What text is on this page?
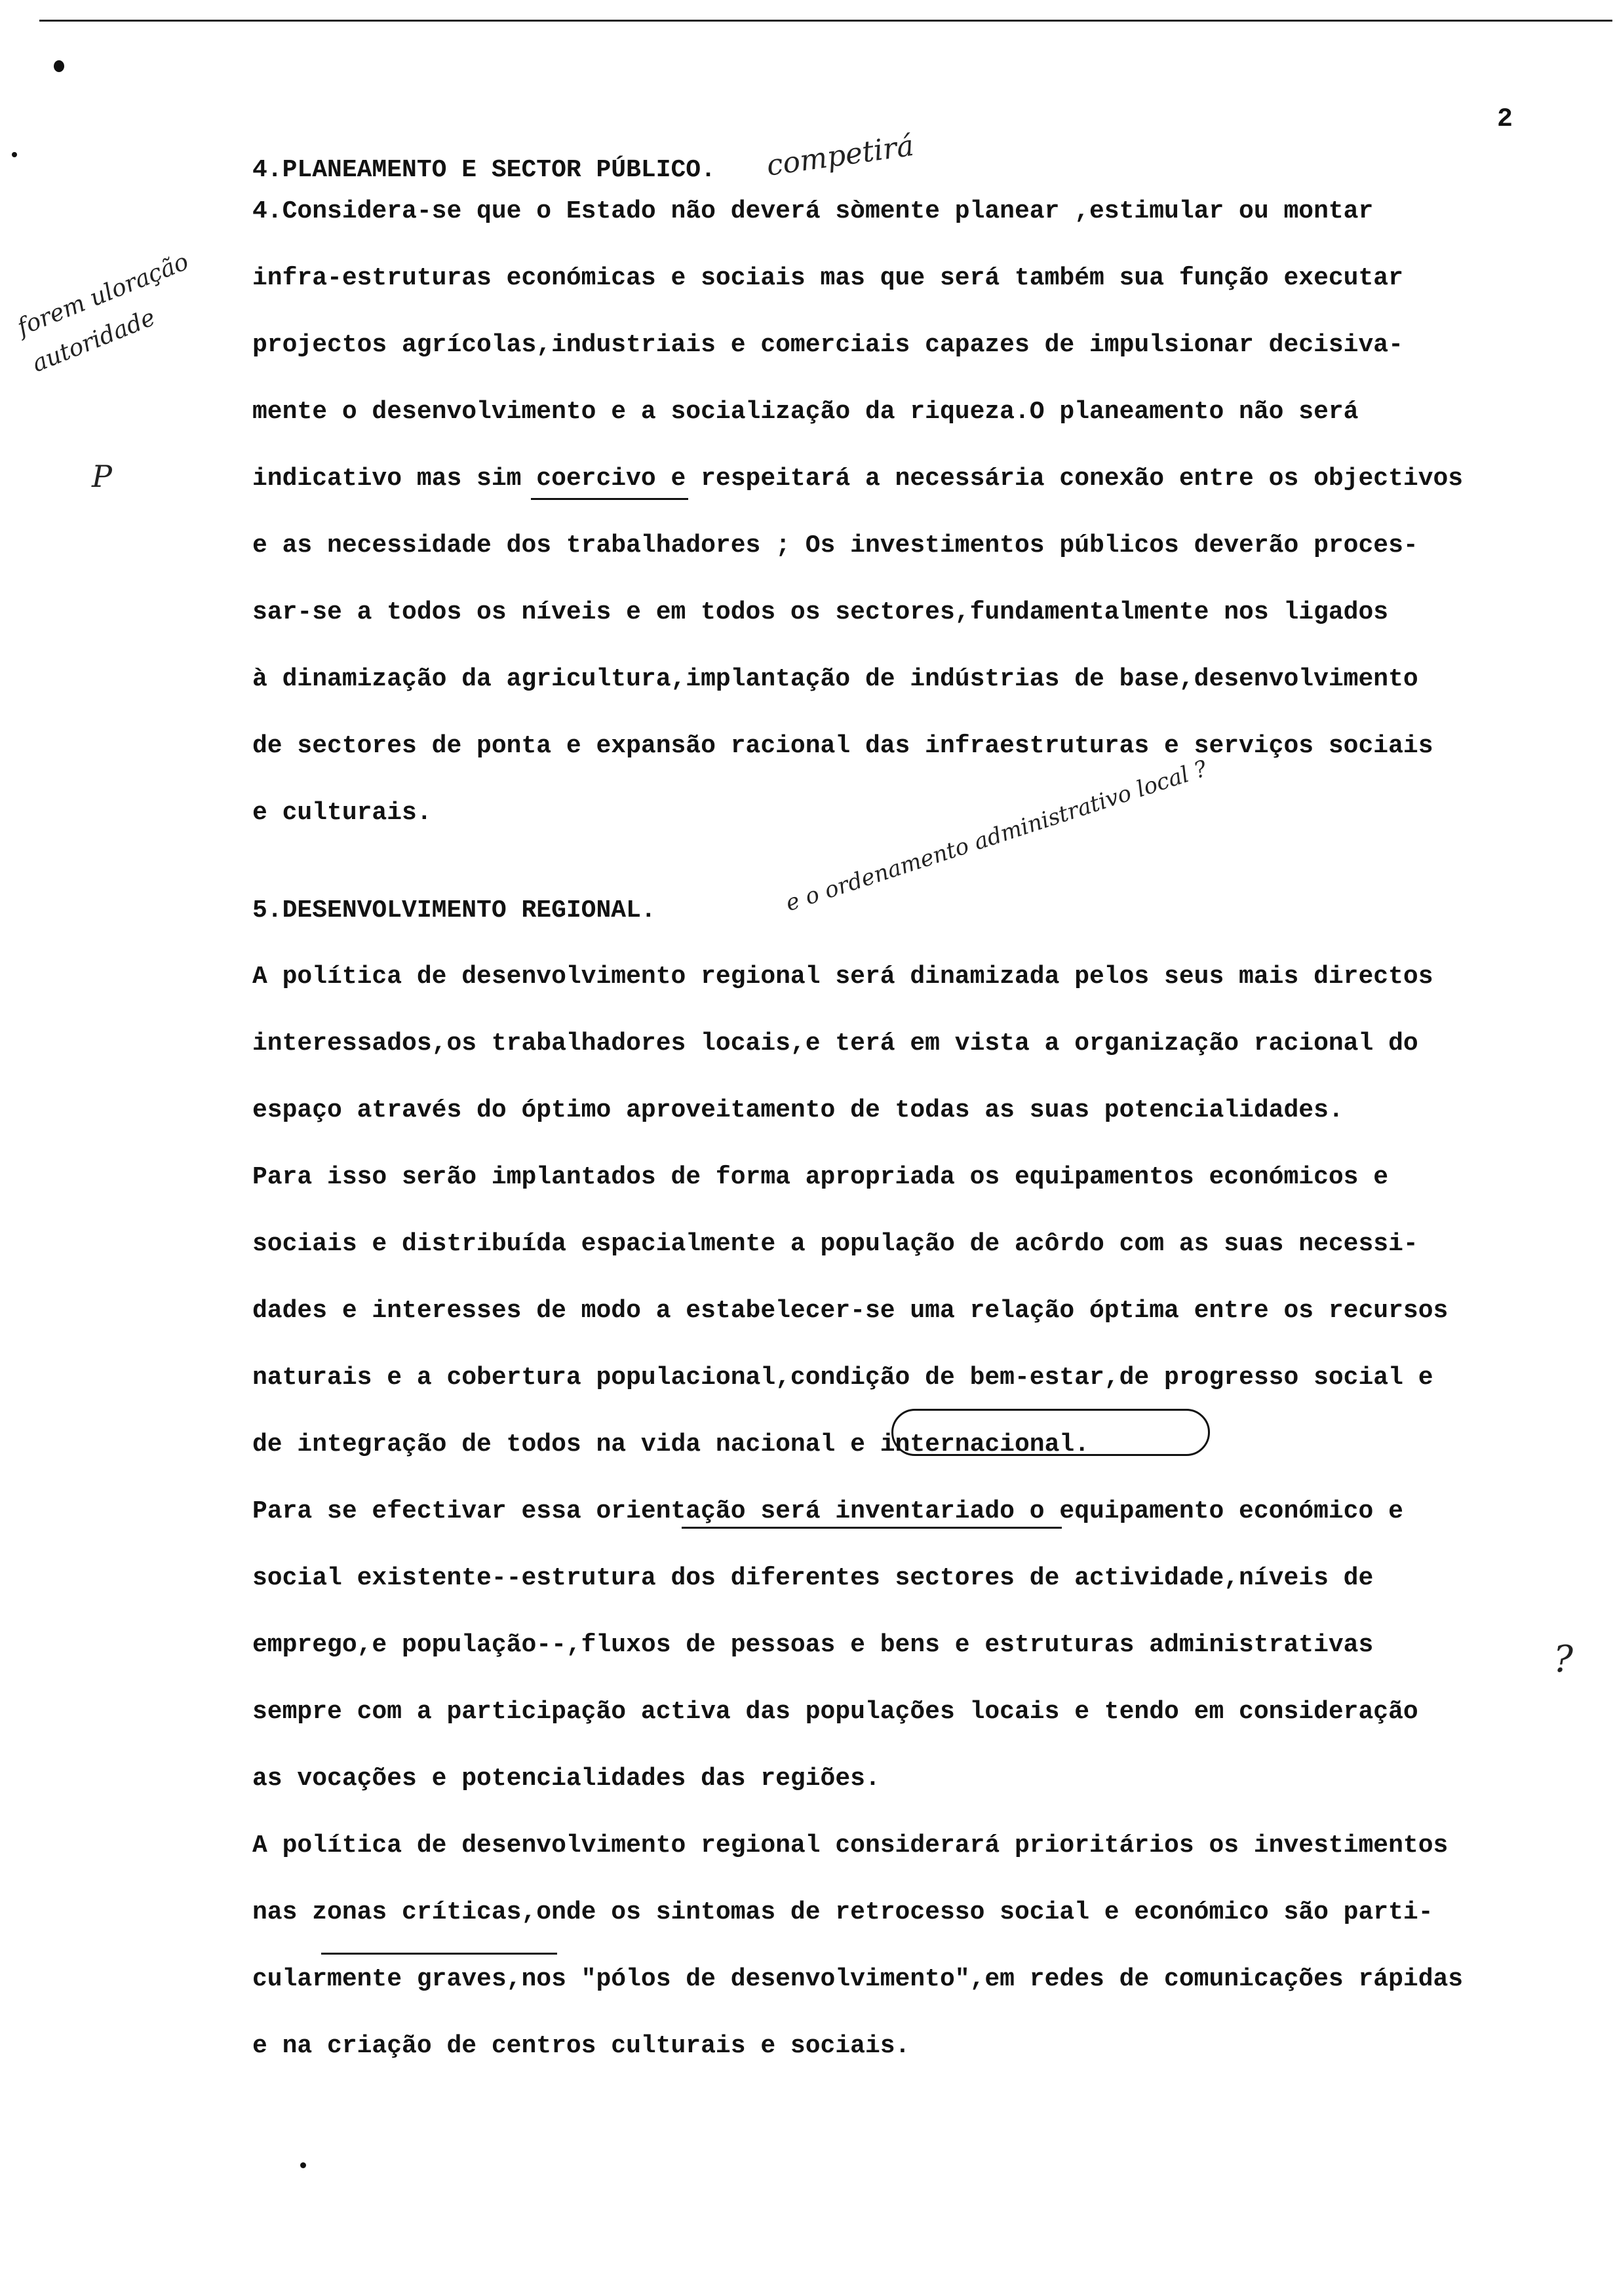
2
4.PLANEAMENTO E SECTOR PÚBLICO. competirá
4.Considera-se que o Estado não deverá sòmente planear ,estimular ou montar
infra-estruturas económicas e sociais mas que será também sua função executar
projectos agrícolas,industriais e comerciais capazes de impulsionar decisiva-
mente o desenvolvimento e a socialização da riqueza.O planeamento não será
indicativo mas sim coercivo e respeitará a necessária conexão entre os objectivos
e as necessidade dos trabalhadores ; Os investimentos públicos deverão proces-
sar-se a todos os níveis e em todos os sectores,fundamentalmente nos ligados
à dinamização da agricultura,implantação de indústrias de base,desenvolvimento
de sectores de ponta e expansão racional das infraestruturas e serviços sociais
e culturais.
forem uloração autoridade
P
5.DESENVOLVIMENTO REGIONAL.	e o ordenamento administrativo local ?
A política de desenvolvimento regional será dinamizada pelos seus mais directos
interessados,os trabalhadores locais,e terá em vista a organização racional do
espaço através do óptimo aproveitamento de todas as suas potencialidades.
Para isso serão implantados de forma apropriada os equipamentos económicos e
sociais e distribuída espacialmente a população de acôrdo com as suas necessi-
dades e interesses de modo a estabelecer-se uma relação óptima entre os recursos
naturais e a cobertura populacional,condição de bem-estar,de progresso social e
de integração de todos na vida nacional e internacional.
Para se efectivar essa orientação será inventariado o equipamento económico e
social existente--estrutura dos diferentes sectores de actividade,níveis de
emprego,e população--,fluxos de pessoas e bens e estruturas administrativas
sempre com a participação activa das populações locais e tendo em consideração
as vocações e potencialidades das regiões.
A política de desenvolvimento regional considerará prioritários os investimentos
nas zonas críticas,onde os sintomas de retrocesso social e económico são parti-
cularmente graves,nos "pólos de desenvolvimento",em redes de comunicações rápidas
e na criação de centros culturais e sociais.
?
